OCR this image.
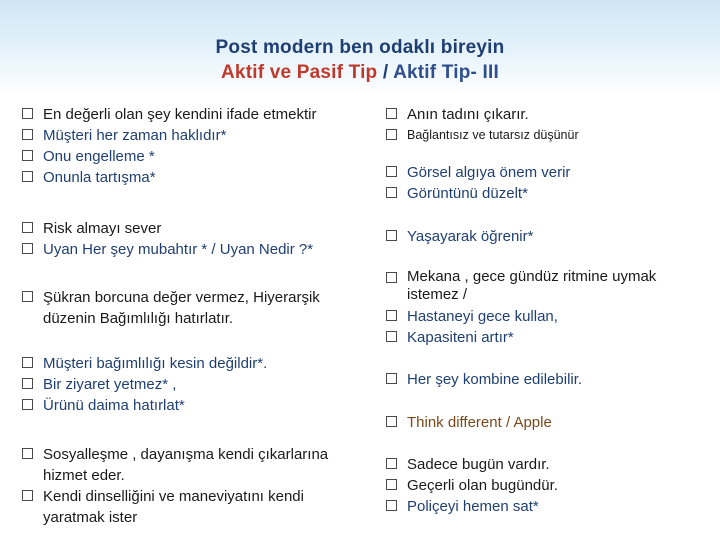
Post modern ben odaklı bireyin
Aktif ve Pasif Tip / Aktif Tip- III
En değerli olan şey kendini ifade etmektir
Müşteri her zaman haklıdır*
Onu engelleme *
Onunla tartışma*
Risk almayı sever
Uyan Her şey mubahtır * / Uyan Nedir ?*
Şükran borcuna değer vermez, Hiyerarşik
düzenin Bağımlılığı hatırlatır.
Müşteri bağımlılığı kesin değildir*.
Bir ziyaret yetmez* ,
Ürünü daima hatırlat*
Sosyalleşme , dayanışma kendi çıkarlarına
hizmet eder.
Kendi dinselliğini ve maneviyatını kendi
yaratmak ister
Anın tadını çıkarır.
Bağlantısız ve tutarsız düşünür
Görsel algıya önem verir
Görüntünü düzelt*
Yaşayarak öğrenir*
Mekana , gece gündüz ritmine uymak
istemez /
Hastaneyi gece kullan,
Kapasiteni artır*
Her şey kombine edilebilir.
Think different / Apple
Sadece bugün vardır.
Geçerli olan bugündür.
Poliçeyi hemen sat*
